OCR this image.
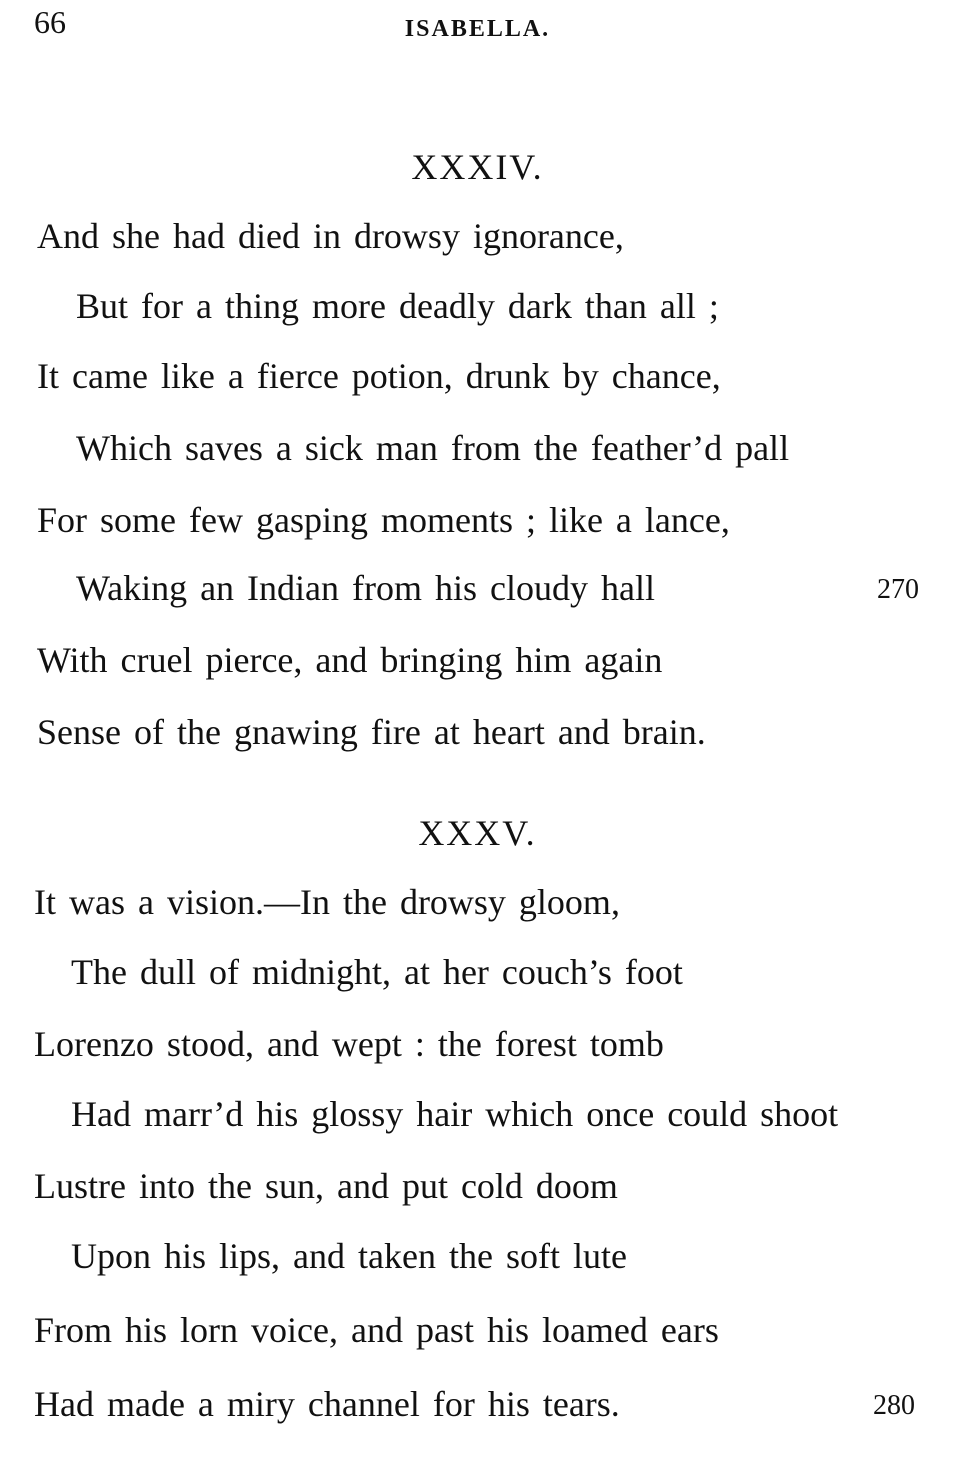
66	ISABELLA.
XXXIV.
And she had died in drowsy ignorance,
But for a thing more deadly dark than all ;
It came like a fierce potion, drunk by chance,
Which saves a sick man from the feather’d pall
For some few gasping moments ; like a lance,
Waking an Indian from his cloudy hall	270
With cruel pierce, and bringing him again
Sense of the gnawing fire at heart and brain.
XXXV.
It was a vision.—In the drowsy gloom,
The dull of midnight, at her couch’s foot
Lorenzo stood, and wept : the forest tomb
Had marr’d his glossy hair which once could shoot
Lustre into the sun, and put cold doom
Upon his lips, and taken the soft lute
From his lorn voice, and past his loamed ears
Had made a miry channel for his tears.	280
